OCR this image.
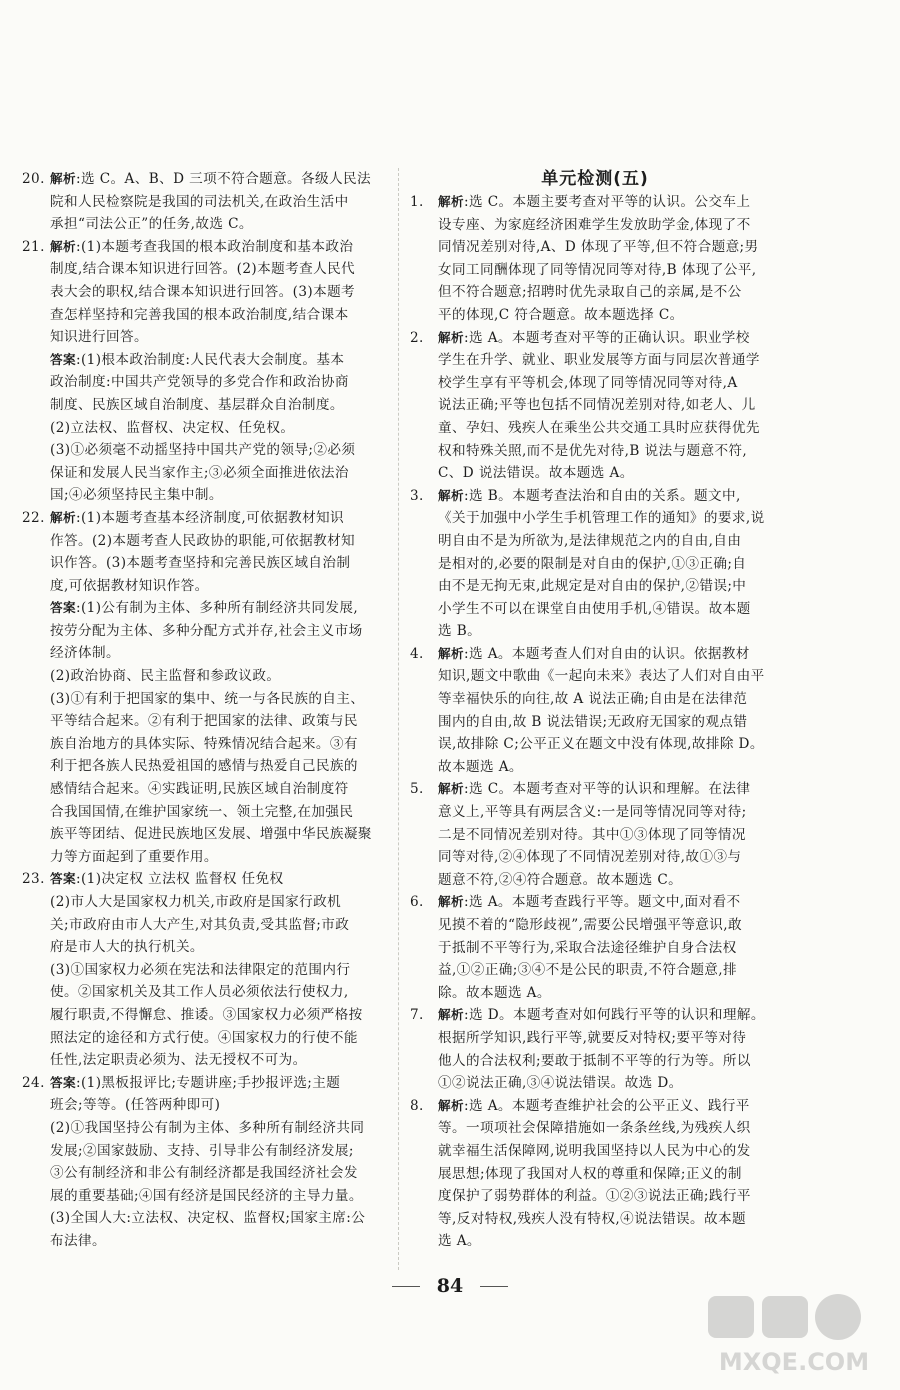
20. 解析:选 C。A、B、D 三项不符合题意。各级人民法
院和人民检察院是我国的司法机关,在政治生活中
承担“司法公正”的任务,故选 C。
21. 解析:(1)本题考查我国的根本政治制度和基本政治
制度,结合课本知识进行回答。(2)本题考查人民代
表大会的职权,结合课本知识进行回答。(3)本题考
查怎样坚持和完善我国的根本政治制度,结合课本
知识进行回答。
答案:(1)根本政治制度:人民代表大会制度。基本
政治制度:中国共产党领导的多党合作和政治协商
制度、民族区域自治制度、基层群众自治制度。
(2)立法权、监督权、决定权、任免权。
(3)①必须毫不动摇坚持中国共产党的领导;②必须
保证和发展人民当家作主;③必须全面推进依法治
国;④必须坚持民主集中制。
22. 解析:(1)本题考查基本经济制度,可依据教材知识
作答。(2)本题考查人民政协的职能,可依据教材知
识作答。(3)本题考查坚持和完善民族区域自治制
度,可依据教材知识作答。
答案:(1)公有制为主体、多种所有制经济共同发展,
按劳分配为主体、多种分配方式并存,社会主义市场
经济体制。
(2)政治协商、民主监督和参政议政。
(3)①有利于把国家的集中、统一与各民族的自主、
平等结合起来。②有利于把国家的法律、政策与民
族自治地方的具体实际、特殊情况结合起来。③有
利于把各族人民热爱祖国的感情与热爱自己民族的
感情结合起来。④实践证明,民族区域自治制度符
合我国国情,在维护国家统一、领土完整,在加强民
族平等团结、促进民族地区发展、增强中华民族凝聚
力等方面起到了重要作用。
23. 答案:(1)决定权 立法权 监督权 任免权
(2)市人大是国家权力机关,市政府是国家行政机
关;市政府由市人大产生,对其负责,受其监督;市政
府是市人大的执行机关。
(3)①国家权力必须在宪法和法律限定的范围内行
使。②国家机关及其工作人员必须依法行使权力,
履行职责,不得懈怠、推诿。③国家权力必须严格按
照法定的途径和方式行使。④国家权力的行使不能
任性,法定职责必须为、法无授权不可为。
24. 答案:(1)黑板报评比;专题讲座;手抄报评选;主题
班会;等等。(任答两种即可)
(2)①我国坚持公有制为主体、多种所有制经济共同
发展;②国家鼓励、支持、引导非公有制经济发展;
③公有制经济和非公有制经济都是我国经济社会发
展的重要基础;④国有经济是国民经济的主导力量。
(3)全国人大:立法权、决定权、监督权;国家主席:公
布法律。
单元检测(五)
1. 解析:选 C。本题主要考查对平等的认识。公交车上
设专座、为家庭经济困难学生发放助学金,体现了不
同情况差别对待,A、D 体现了平等,但不符合题意;男
女同工同酬体现了同等情况同等对待,B 体现了公平,
但不符合题意;招聘时优先录取自己的亲属,是不公
平的体现,C 符合题意。故本题选择 C。
2. 解析:选 A。本题考查对平等的正确认识。职业学校
学生在升学、就业、职业发展等方面与同层次普通学
校学生享有平等机会,体现了同等情况同等对待,A
说法正确;平等也包括不同情况差别对待,如老人、儿
童、孕妇、残疾人在乘坐公共交通工具时应获得优先
权和特殊关照,而不是优先对待,B 说法与题意不符,
C、D 说法错误。故本题选 A。
3. 解析:选 B。本题考查法治和自由的关系。题文中,
《关于加强中小学生手机管理工作的通知》的要求,说
明自由不是为所欲为,是法律规范之内的自由,自由
是相对的,必要的限制是对自由的保护,①③正确;自
由不是无拘无束,此规定是对自由的保护,②错误;中
小学生不可以在课堂自由使用手机,④错误。故本题
选 B。
4. 解析:选 A。本题考查人们对自由的认识。依据教材
知识,题文中歌曲《一起向未来》表达了人们对自由平
等幸福快乐的向往,故 A 说法正确;自由是在法律范
围内的自由,故 B 说法错误;无政府无国家的观点错
误,故排除 C;公平正义在题文中没有体现,故排除 D。
故本题选 A。
5. 解析:选 C。本题考查对平等的认识和理解。在法律
意义上,平等具有两层含义:一是同等情况同等对待;
二是不同情况差别对待。其中①③体现了同等情况
同等对待,②④体现了不同情况差别对待,故①③与
题意不符,②④符合题意。故本题选 C。
6. 解析:选 A。本题考查践行平等。题文中,面对看不
见摸不着的“隐形歧视”,需要公民增强平等意识,敢
于抵制不平等行为,采取合法途径维护自身合法权
益,①②正确;③④不是公民的职责,不符合题意,排
除。故本题选 A。
7. 解析:选 D。本题考查对如何践行平等的认识和理解。
根据所学知识,践行平等,就要反对特权;要平等对待
他人的合法权利;要敢于抵制不平等的行为等。所以
①②说法正确,③④说法错误。故选 D。
8. 解析:选 A。本题考查维护社会的公平正义、践行平
等。一项项社会保障措施如一条条丝线,为残疾人织
就幸福生活保障网,说明我国坚持以人民为中心的发
展思想;体现了我国对人权的尊重和保障;正义的制
度保护了弱势群体的利益。①②③说法正确;践行平
等,反对特权,残疾人没有特权,④说法错误。故本题
选 A。
84
MXQE.COM
